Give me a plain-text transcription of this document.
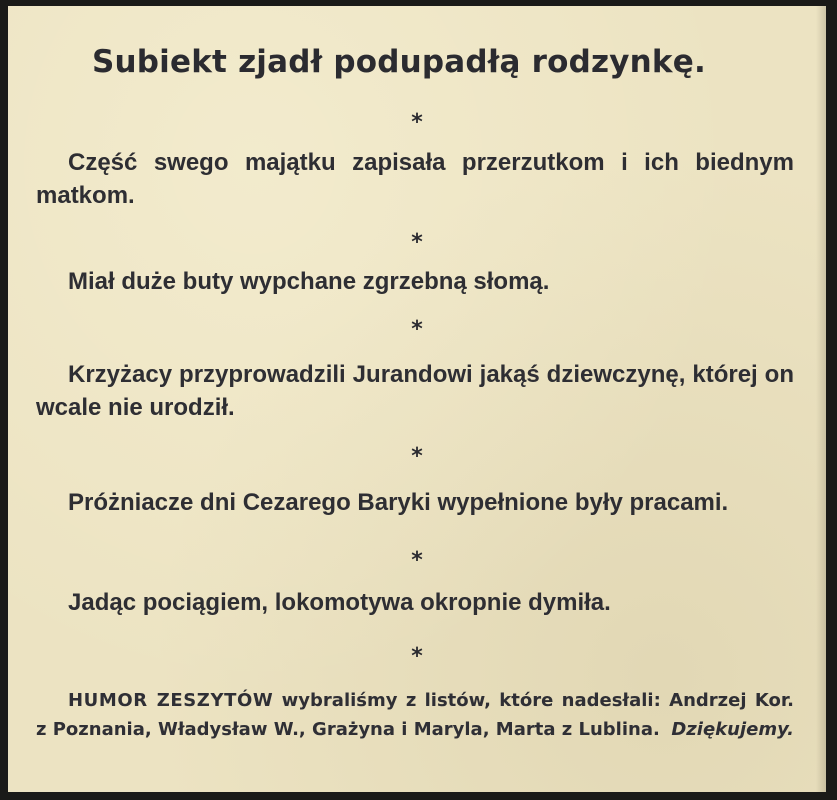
Subiekt zjadł podupadłą rodzynkę.
*

Część swego majątku zapisała przerzutkom i ich biednym matkom.

*

Miał duże buty wypchane zgrzebną słomą.

*

Krzyżacy przyprowadzili Jurandowi jakąś dziewczynę, której on wcale nie urodził.

*

Próżniacze dni Cezarego Baryki wypełnione były pracami.

*

Jadąc pociągiem, lokomotywa okropnie dymiła.

*

HUMOR ZESZYTÓW wybraliśmy z listów, które nadesłali: Andrzej Kor. z Poznania, Władysław W., Grażyna i Maryla, Marta z Lublina. Dziękujemy.
